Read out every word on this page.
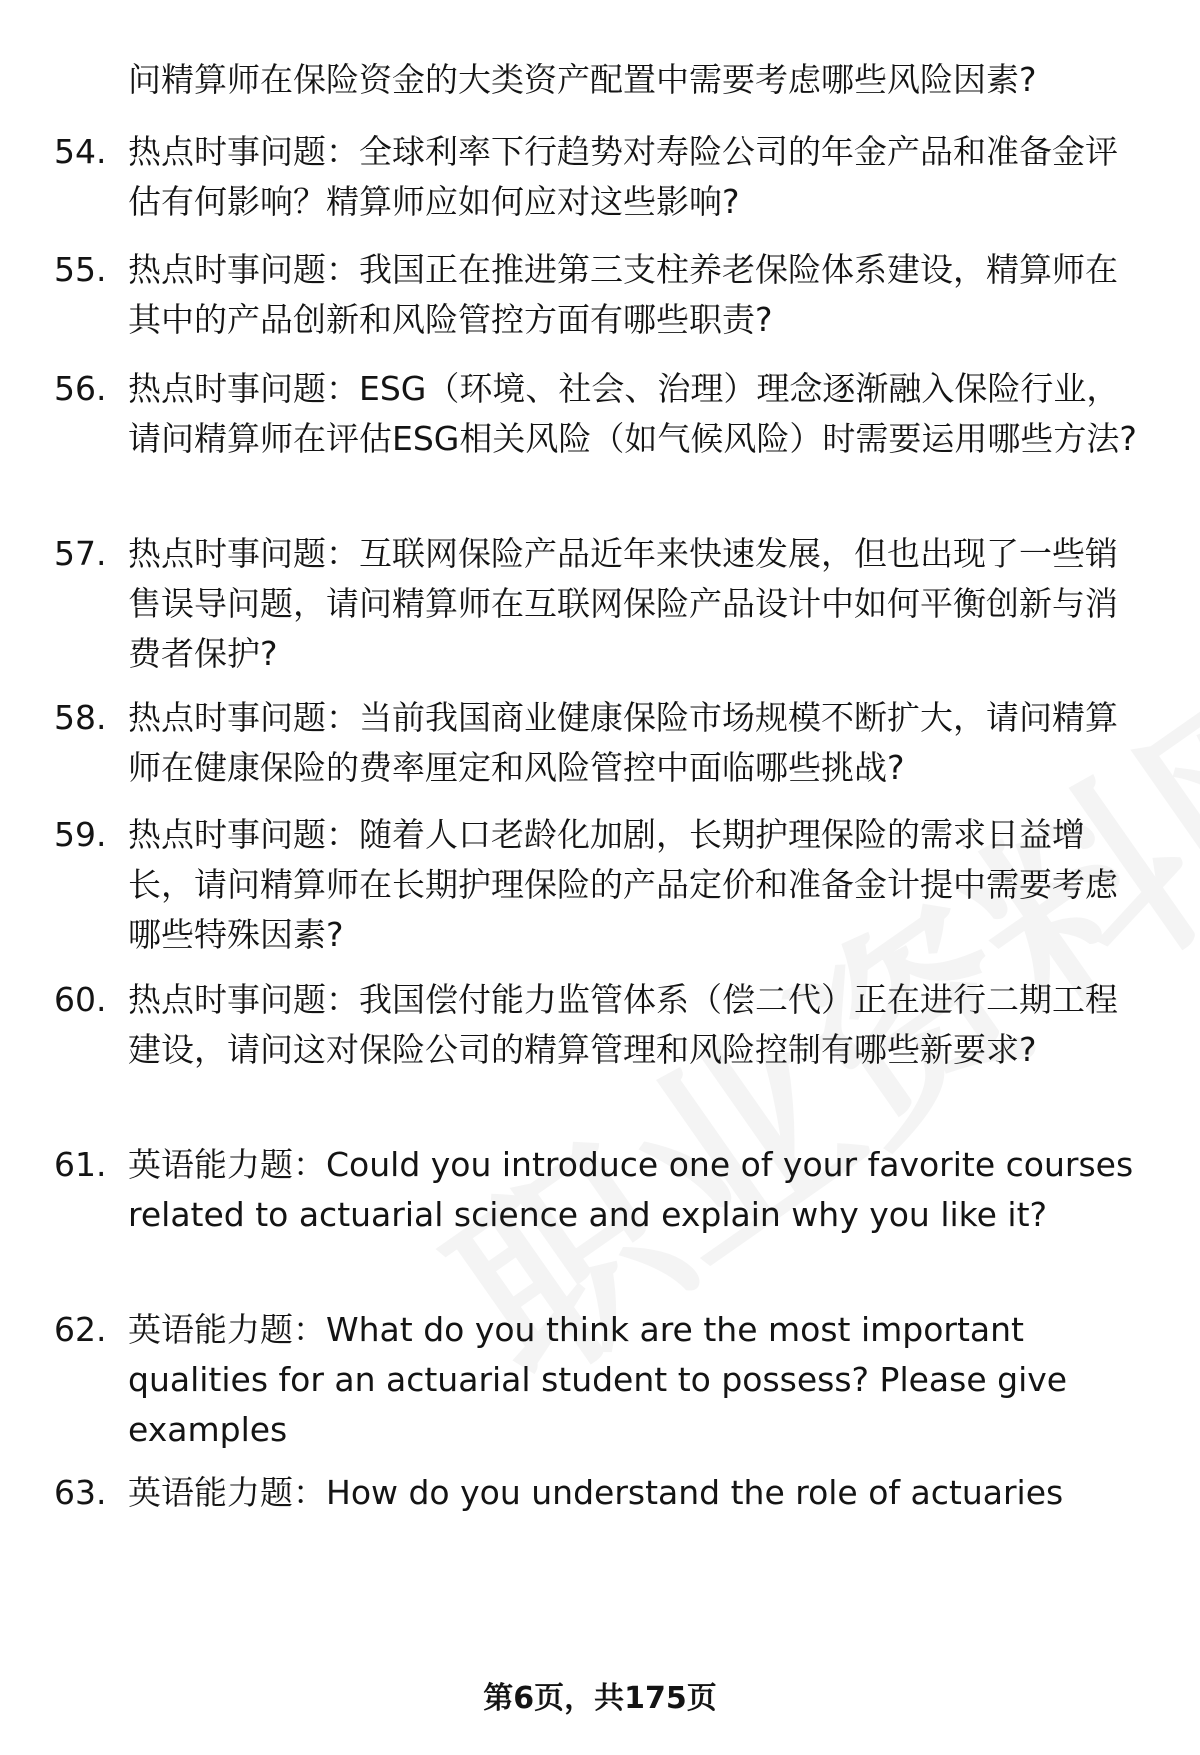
问精算师在保险资金的大类资产配置中需要考虑哪些风险因素?
54. 热点时事问题：全球利率下行趋势对寿险公司的年金产品和准备金评估有何影响？精算师应如何应对这些影响?
55. 热点时事问题：我国正在推进第三支柱养老保险体系建设，精算师在其中的产品创新和风险管控方面有哪些职责?
56. 热点时事问题：ESG（环境、社会、治理）理念逐渐融入保险行业，请问精算师在评估ESG相关风险（如气候风险）时需要运用哪些方法?
57. 热点时事问题：互联网保险产品近年来快速发展，但也出现了一些销售误导问题，请问精算师在互联网保险产品设计中如何平衡创新与消费者保护?
58. 热点时事问题：当前我国商业健康保险市场规模不断扩大，请问精算师在健康保险的费率厘定和风险管控中面临哪些挑战?
59. 热点时事问题：随着人口老龄化加剧，长期护理保险的需求日益增长，请问精算师在长期护理保险的产品定价和准备金计提中需要考虑哪些特殊因素?
60. 热点时事问题：我国偿付能力监管体系（偿二代）正在进行二期工程建设，请问这对保险公司的精算管理和风险控制有哪些新要求?
61. 英语能力题：Could you introduce one of your favorite courses related to actuarial science and explain why you like it?
62. 英语能力题：What do you think are the most important qualities for an actuarial student to possess? Please give examples
63. 英语能力题：How do you understand the role of actuaries
第6页，共175页
